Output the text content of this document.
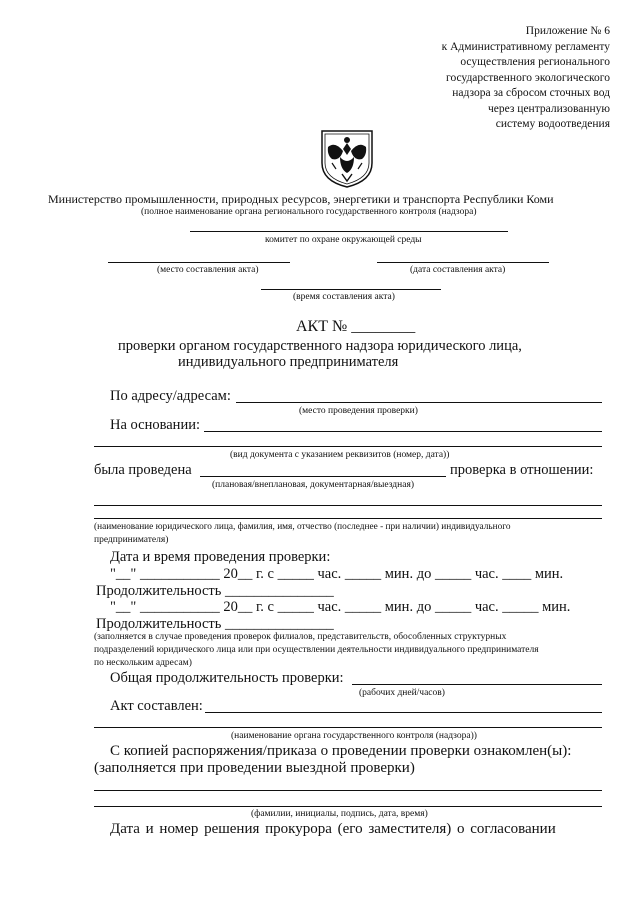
Приложение № 6
к Административному регламенту
осуществления регионального
государственного экологического
надзора за сбросом сточных вод
через централизованную
систему водоотведения
Министерство промышленности, природных ресурсов, энергетики и транспорта Республики Коми
(полное наименование органа регионального государственного контроля (надзора)
комитет по охране окружающей среды
(место составления акта)	(дата составления акта)
(время составления акта)
АКТ № ________
проверки органом государственного надзора юридического лица,
индивидуального предпринимателя
По адресу/адресам:
(место проведения проверки)
На основании:
(вид документа с указанием реквизитов (номер, дата))
была проведена	проверка в отношении:
(плановая/внеплановая, документарная/выездная)
(наименование юридического лица, фамилия, имя, отчество (последнее - при наличии) индивидуального
предпринимателя)
Дата и время проведения проверки:
"__" ___________ 20__ г. с _____ час. _____ мин. до _____ час. ____ мин.
Продолжительность _______________
"__" ___________ 20__ г. с _____ час. _____ мин. до _____ час. _____ мин.
Продолжительность _______________
(заполняется в случае проведения проверок филиалов, представительств, обособленных структурных
подразделений юридического лица или при осуществлении деятельности индивидуального предпринимателя
по нескольким адресам)
Общая продолжительность проверки:
(рабочих дней/часов)
Акт составлен:
(наименование органа государственного контроля (надзора))
С копией распоряжения/приказа о проведении проверки ознакомлен(ы):
(заполняется при проведении выездной проверки)
(фамилии, инициалы, подпись, дата, время)
Дата и номер решения прокурора (его заместителя) о согласовании
